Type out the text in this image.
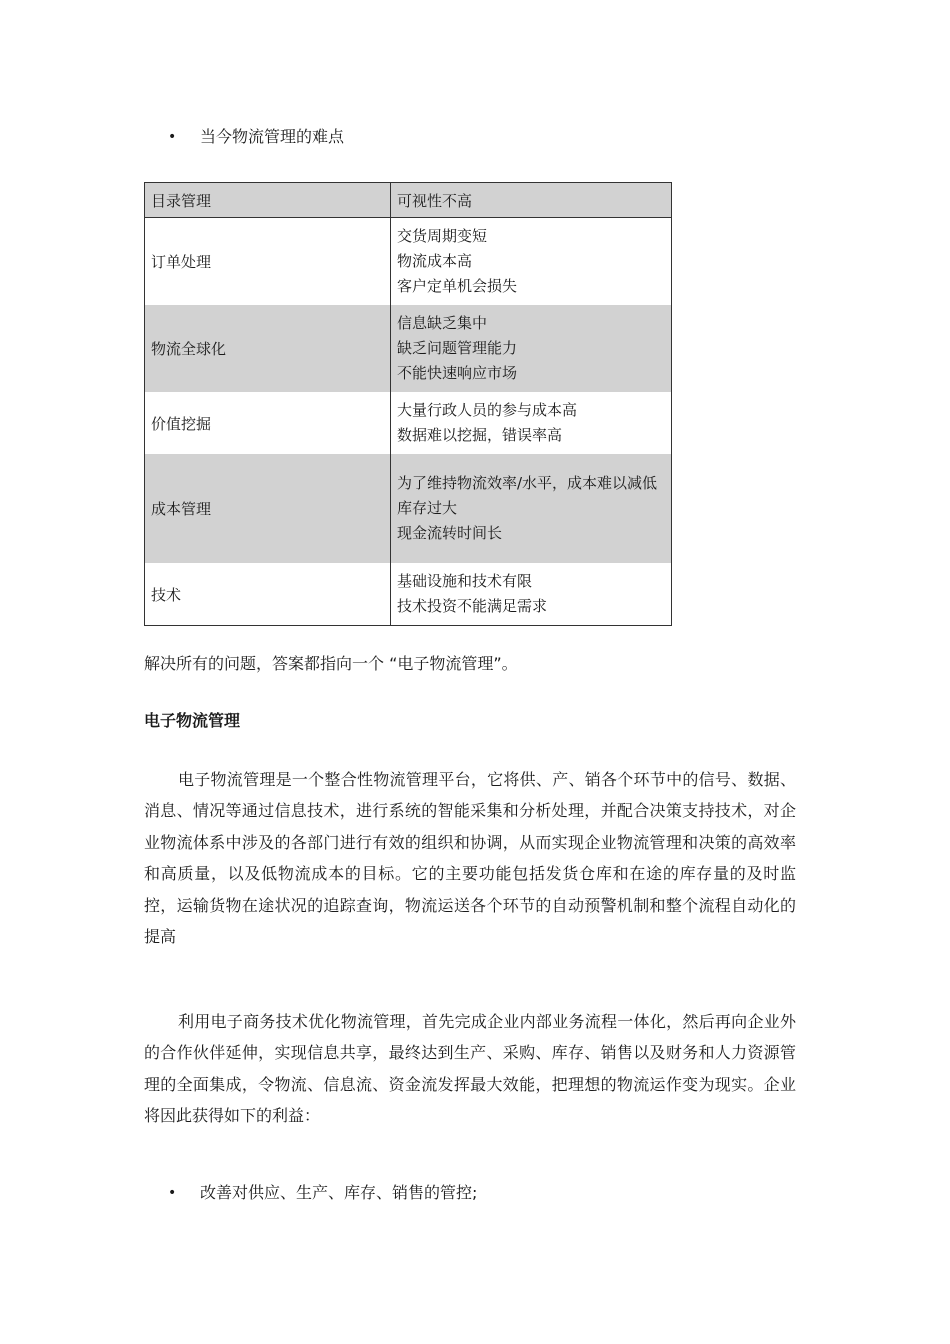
•	当今物流管理的难点
目录管理	可视性不高
订单处理	交货周期变短
物流成本高
客户定单机会损失

物流全球化	信息缺乏集中
缺乏问题管理能力
不能快速响应市场

价值挖掘	大量行政人员的参与成本高
数据难以挖掘，错误率高

成本管理	为了维持物流效率/水平，成本难以减低
库存过大
现金流转时间长

技术	基础设施和技术有限
技术投资不能满足需求

解决所有的问题，答案都指向一个 “电子物流管理”。

电子物流管理

电子物流管理是一个整合性物流管理平台，它将供、产、销各个环节中的信号、数据、消息、情况等通过信息技术，进行系统的智能采集和分析处理，并配合决策支持技术，对企业物流体系中涉及的各部门进行有效的组织和协调，从而实现企业物流管理和决策的高效率和高质量，以及低物流成本的目标。它的主要功能包括发货仓库和在途的库存量的及时监控，运输货物在途状况的追踪查询，物流运送各个环节的自动预警机制和整个流程自动化的提高

利用电子商务技术优化物流管理，首先完成企业内部业务流程一体化，然后再向企业外的合作伙伴延伸，实现信息共享，最终达到生产、采购、库存、销售以及财务和人力资源管理的全面集成，令物流、信息流、资金流发挥最大效能，把理想的物流运作变为现实。企业将因此获得如下的利益：

•	改善对供应、生产、库存、销售的管控;
